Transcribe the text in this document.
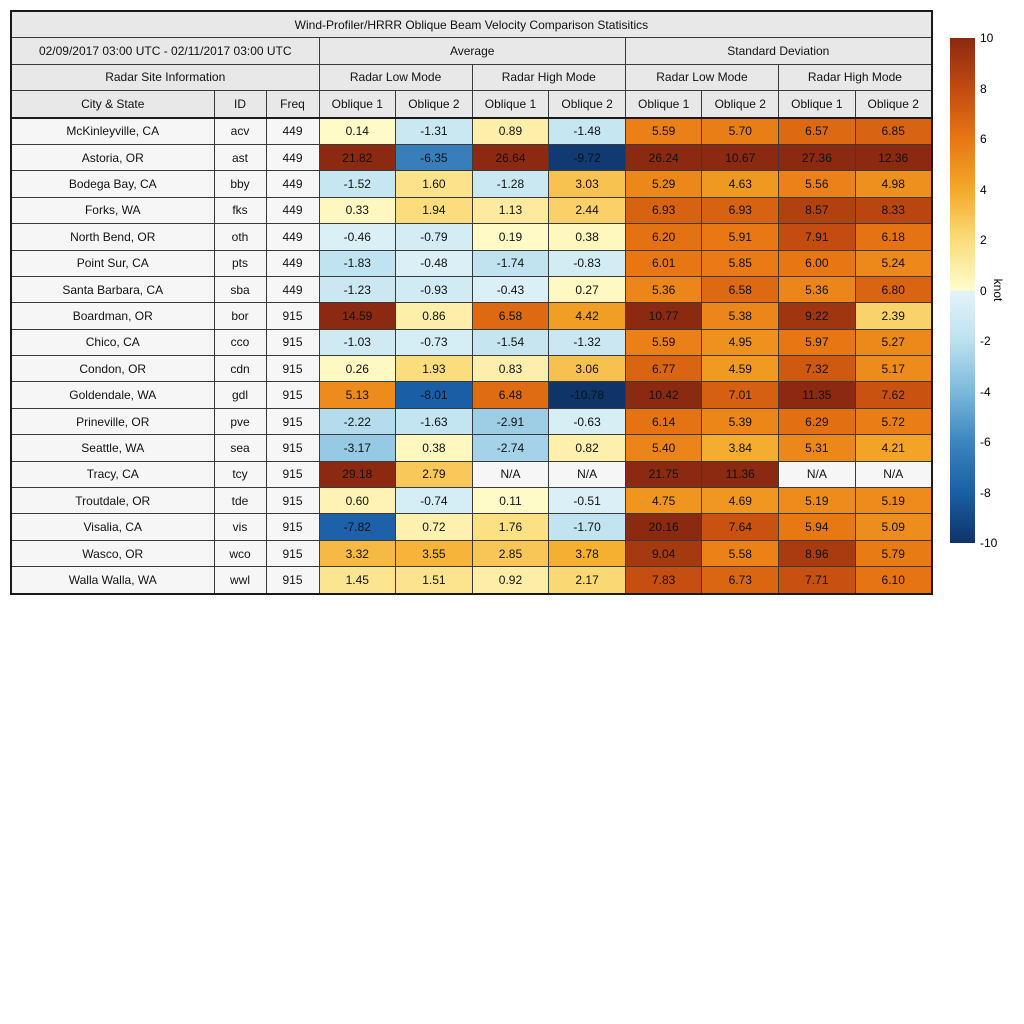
Wind-Profiler/HRRR Oblique Beam Velocity Comparison Statisitics										
02/09/2017 03:00 UTC - 02/11/2017 03:00 UTC			Average				Standard Deviation			
Radar Site Information			Radar Low Mode		Radar High Mode		Radar Low Mode		Radar High Mode	
City & State	ID	Freq	Oblique 1	Oblique 2	Oblique 1	Oblique 2	Oblique 1	Oblique 2	Oblique 1	Oblique 2
McKinleyville, CA	acv	449	0.14	-1.31	0.89	-1.48	5.59	5.70	6.57	6.85
Astoria, OR	ast	449	21.82	-6.35	26.64	-9.72	26.24	10.67	27.36	12.36
Bodega Bay, CA	bby	449	-1.52	1.60	-1.28	3.03	5.29	4.63	5.56	4.98
Forks, WA	fks	449	0.33	1.94	1.13	2.44	6.93	6.93	8.57	8.33
North Bend, OR	oth	449	-0.46	-0.79	0.19	0.38	6.20	5.91	7.91	6.18
Point Sur, CA	pts	449	-1.83	-0.48	-1.74	-0.83	6.01	5.85	6.00	5.24
Santa Barbara, CA	sba	449	-1.23	-0.93	-0.43	0.27	5.36	6.58	5.36	6.80
Boardman, OR	bor	915	14.59	0.86	6.58	4.42	10.77	5.38	9.22	2.39
Chico, CA	cco	915	-1.03	-0.73	-1.54	-1.32	5.59	4.95	5.97	5.27
Condon, OR	cdn	915	0.26	1.93	0.83	3.06	6.77	4.59	7.32	5.17
Goldendale, WA	gdl	915	5.13	-8.01	6.48	-10.78	10.42	7.01	11.35	7.62
Prineville, OR	pve	915	-2.22	-1.63	-2.91	-0.63	6.14	5.39	6.29	5.72
Seattle, WA	sea	915	-3.17	0.38	-2.74	0.82	5.40	3.84	5.31	4.21
Tracy, CA	tcy	915	29.18	2.79	N/A	N/A	21.75	11.36	N/A	N/A
Troutdale, OR	tde	915	0.60	-0.74	0.11	-0.51	4.75	4.69	5.19	5.19
Visalia, CA	vis	915	-7.82	0.72	1.76	-1.70	20.16	7.64	5.94	5.09
Wasco, OR	wco	915	3.32	3.55	2.85	3.78	9.04	5.58	8.96	5.79
Walla Walla, WA	wwl	915	1.45	1.51	0.92	2.17	7.83	6.73	7.71	6.10
10
8
6
4
2
0
-2
-4
-6
-8
-10
knot
